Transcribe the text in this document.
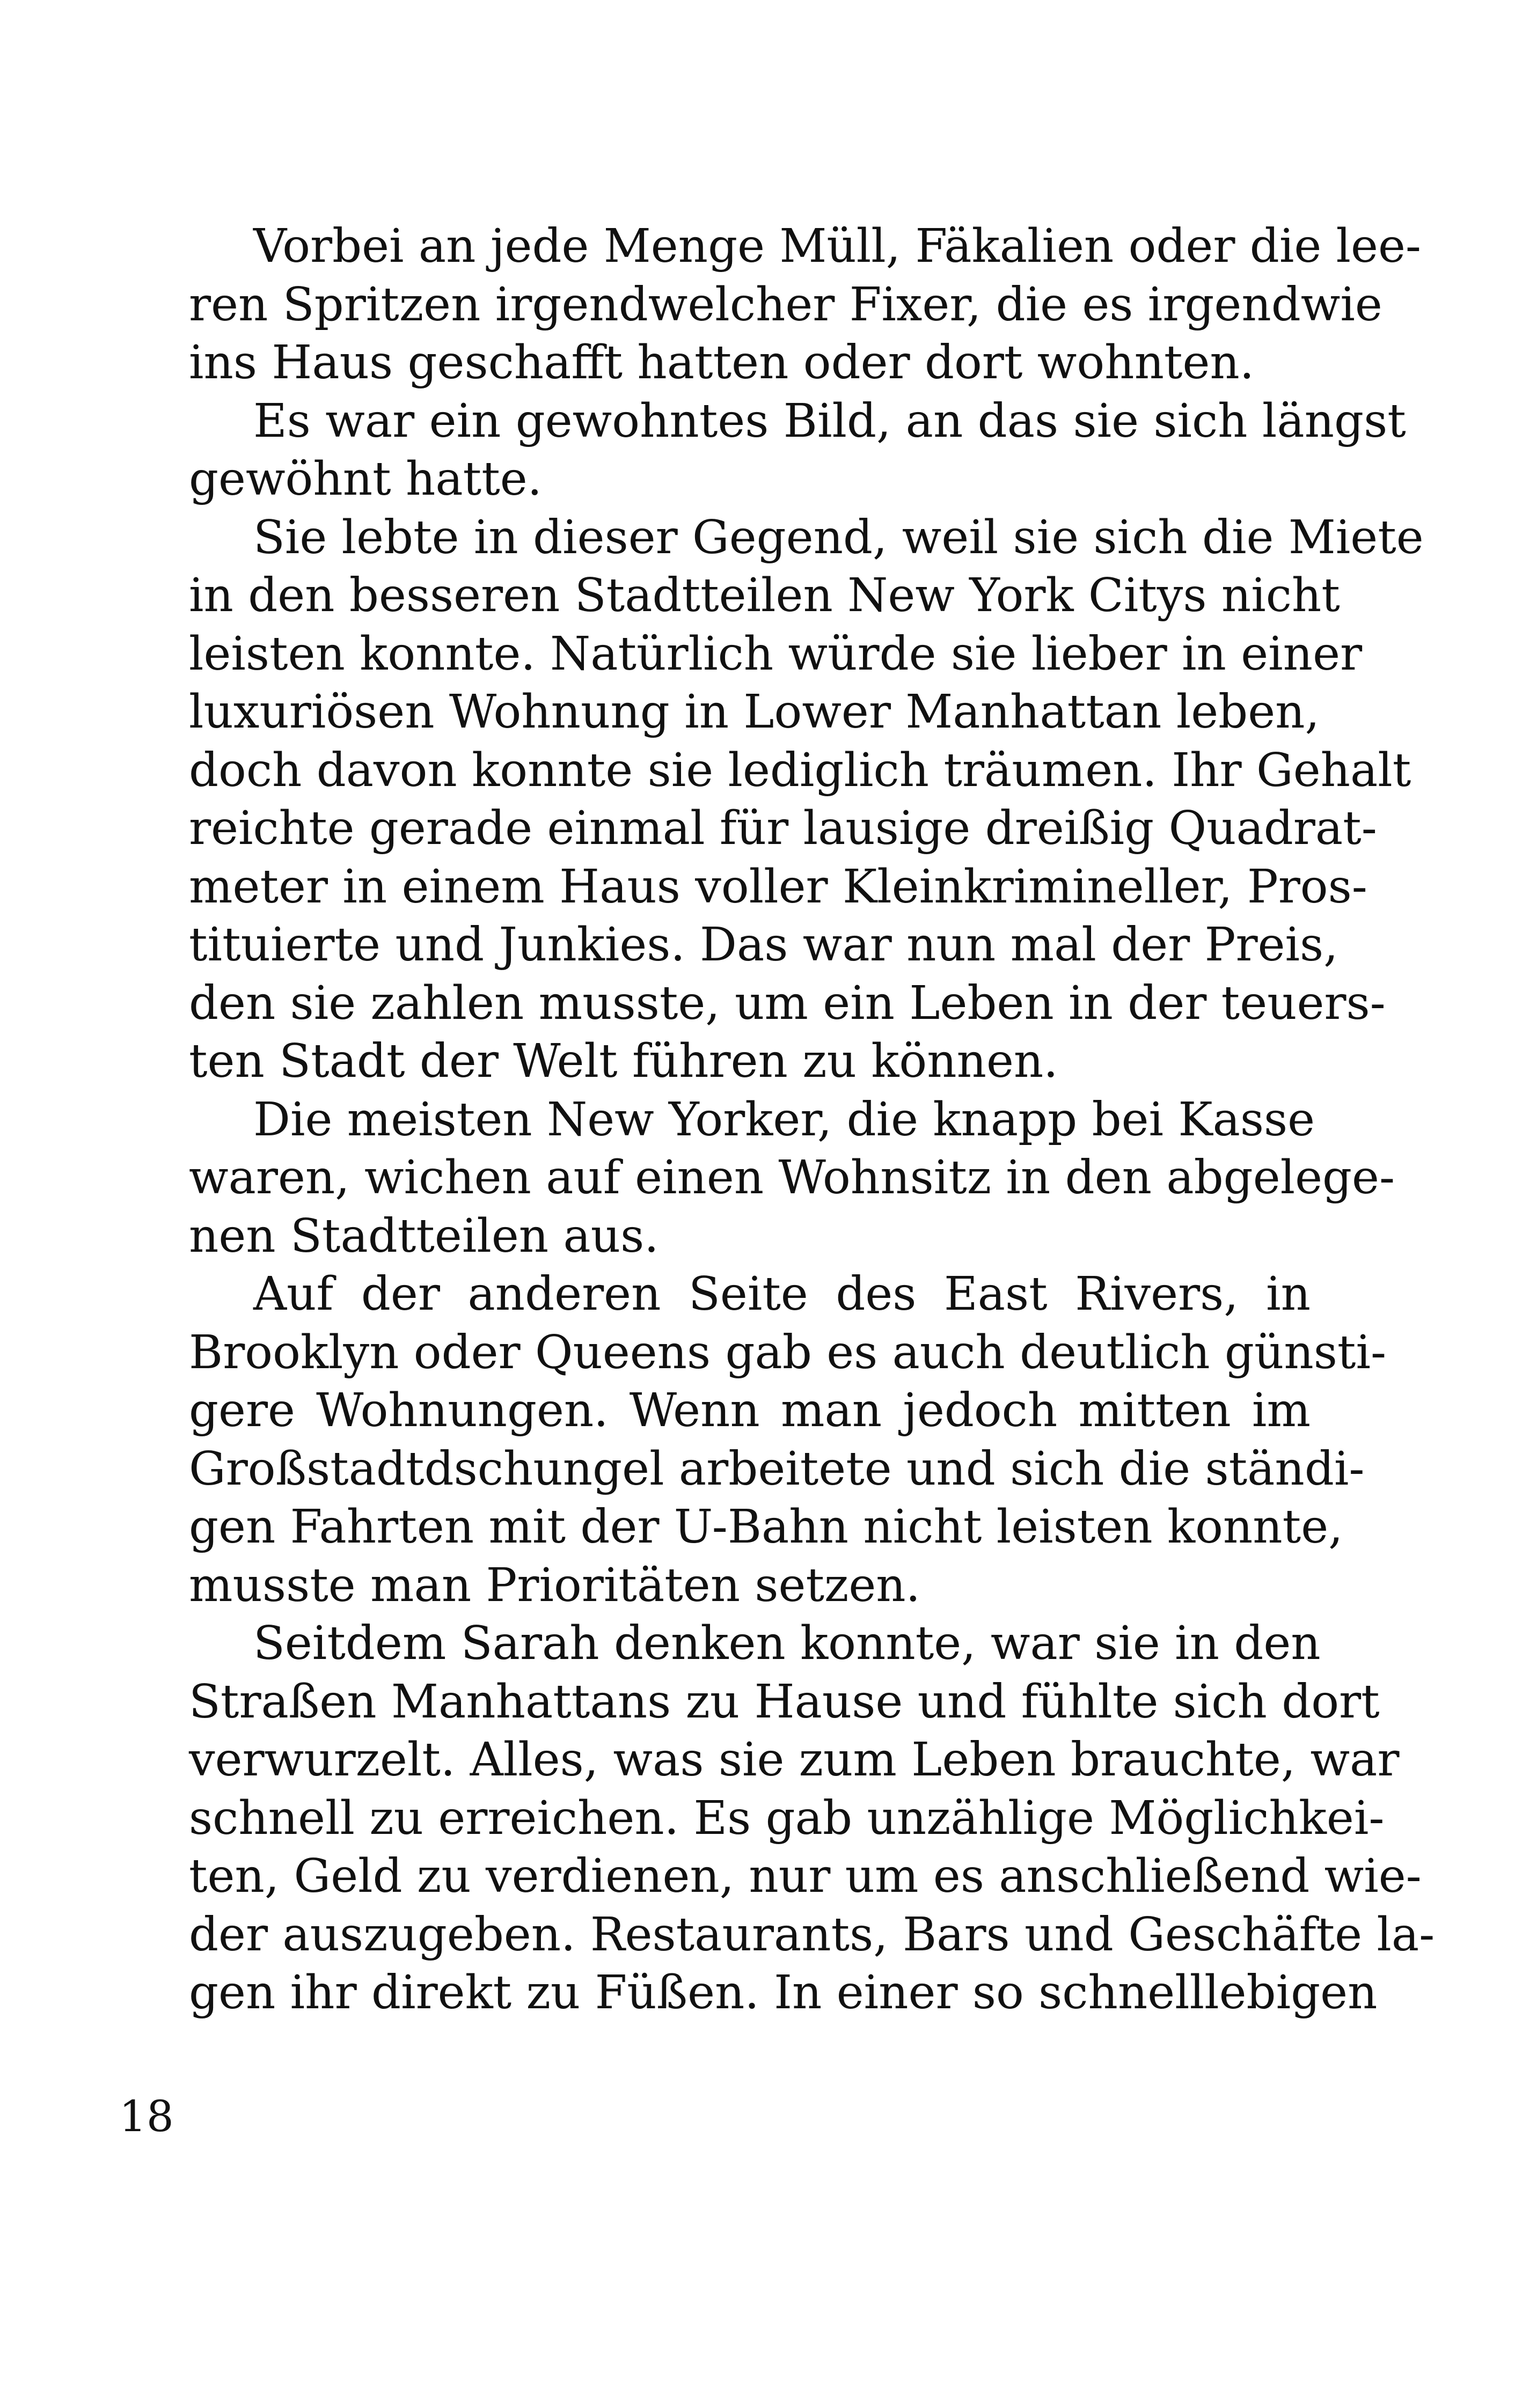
Vorbei an jede Menge Müll, Fäkalien oder die lee-
ren Spritzen irgendwelcher Fixer, die es irgendwie
ins Haus geschafft hatten oder dort wohnten.
Es war ein gewohntes Bild, an das sie sich längst
gewöhnt hatte.
Sie lebte in dieser Gegend, weil sie sich die Miete
in den besseren Stadtteilen New York Citys nicht
leisten konnte. Natürlich würde sie lieber in einer
luxuriösen Wohnung in Lower Manhattan leben,
doch davon konnte sie lediglich träumen. Ihr Gehalt
reichte gerade einmal für lausige dreißig Quadrat-
meter in einem Haus voller Kleinkrimineller, Pros-
tituierte und Junkies. Das war nun mal der Preis,
den sie zahlen musste, um ein Leben in der teuers-
ten Stadt der Welt führen zu können.
Die meisten New Yorker, die knapp bei Kasse
waren, wichen auf einen Wohnsitz in den abgelege-
nen Stadtteilen aus.
Auf der anderen Seite des East Rivers, in
Brooklyn oder Queens gab es auch deutlich günsti-
gere Wohnungen. Wenn man jedoch mitten im
Großstadtdschungel arbeitete und sich die ständi-
gen Fahrten mit der U-Bahn nicht leisten konnte,
musste man Prioritäten setzen.
Seitdem Sarah denken konnte, war sie in den
Straßen Manhattans zu Hause und fühlte sich dort
verwurzelt. Alles, was sie zum Leben brauchte, war
schnell zu erreichen. Es gab unzählige Möglichkei-
ten, Geld zu verdienen, nur um es anschließend wie-
der auszugeben. Restaurants, Bars und Geschäfte la-
gen ihr direkt zu Füßen. In einer so schnelllebigen
18
